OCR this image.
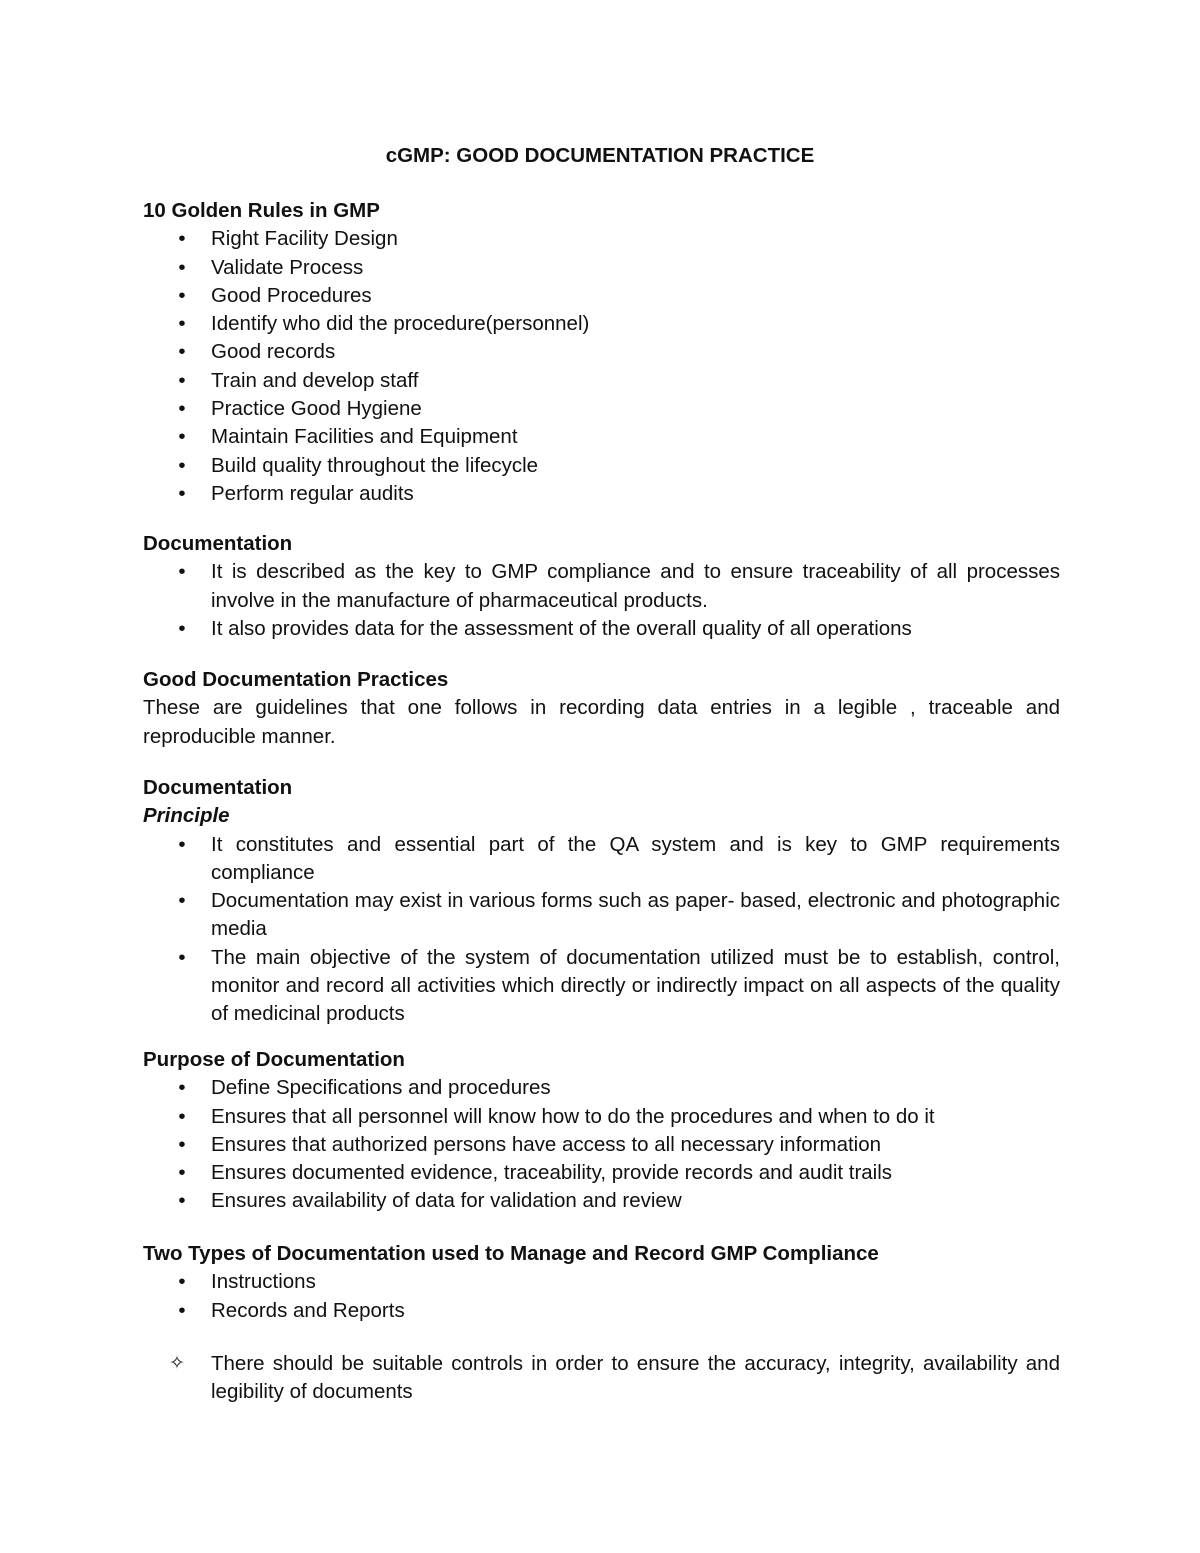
cGMP: GOOD DOCUMENTATION PRACTICE

10 Golden Rules in GMP

• Right Facility Design
• Validate Process
• Good Procedures
• Identify who did the procedure(personnel)
• Good records
• Train and develop staff
• Practice Good Hygiene
• Maintain Facilities and Equipment
• Build quality throughout the lifecycle
• Perform regular audits

Documentation

• It is described as the key to GMP compliance and to ensure traceability of all processes involve in the manufacture of pharmaceutical products.
• It also provides data for the assessment of the overall quality of all operations

Good Documentation Practices

These are guidelines that one follows in recording data entries in a legible , traceable and reproducible manner.

Documentation

Principle

• It constitutes and essential part of the QA system and is key to GMP requirements compliance
• Documentation may exist in various forms such as paper- based, electronic and photographic media
• The main objective of the system of documentation utilized must be to establish, control, monitor and record all activities which directly or indirectly impact on all aspects of the quality of medicinal products

Purpose of Documentation

• Define Specifications and procedures
• Ensures that all personnel will know how to do the procedures and when to do it
• Ensures that authorized persons have access to all necessary information
• Ensures documented evidence, traceability, provide records and audit trails
• Ensures availability of data for validation and review

Two Types of Documentation used to Manage and Record GMP Compliance

• Instructions
• Records and Reports
✧ There should be suitable controls in order to ensure the accuracy, integrity, availability and legibility of documents
